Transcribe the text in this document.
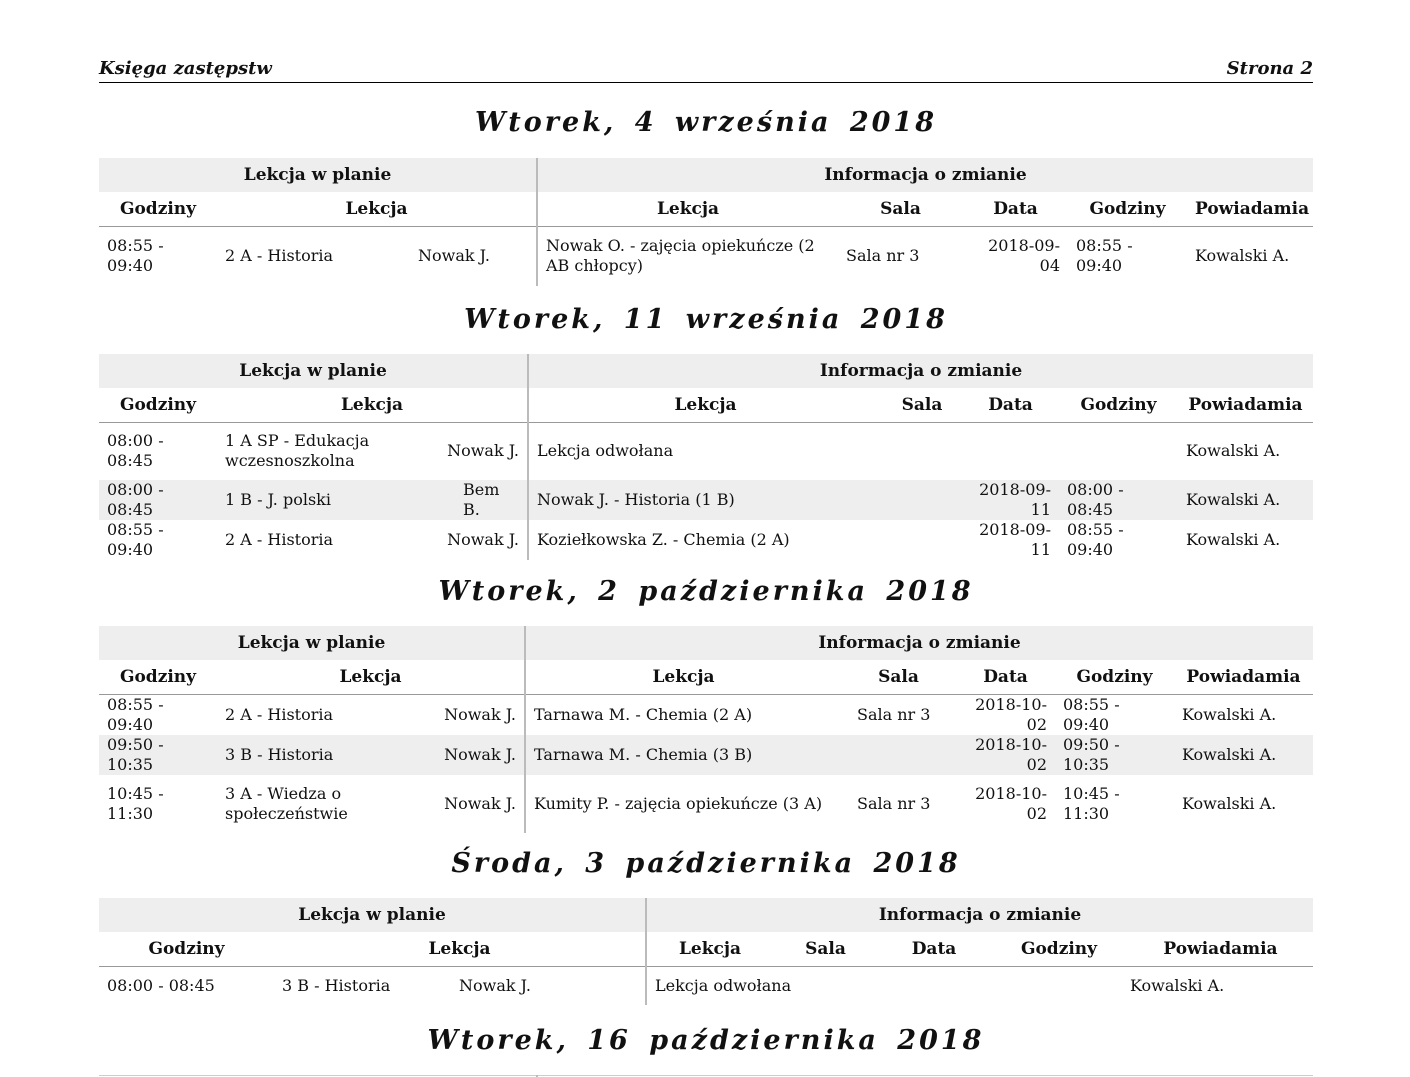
Księga zastępstw	Strona 2
Wtorek, 4 września 2018
Lekcja w planie			Informacja o zmianie				
Godziny	Lekcja		Lekcja	Sala	Data	Godziny	Powiadamia
08:55 - 09:40	2 A - Historia	Nowak J.	Nowak O. - zajęcia opiekuńcze (2 AB chłopcy)	Sala nr 3	2018-09-04	08:55 - 09:40	Kowalski A.
Wtorek, 11 września 2018
Lekcja w planie			Informacja o zmianie				
Godziny	Lekcja		Lekcja	Sala	Data	Godziny	Powiadamia
08:00 - 08:45	1 A SP - Edukacja wczesnoszkolna	Nowak J.	Lekcja odwołana				Kowalski A.
08:00 - 08:45	1 B - J. polski	Bem B.	Nowak J. - Historia (1 B)		2018-09-11	08:00 - 08:45	Kowalski A.
08:55 - 09:40	2 A - Historia	Nowak J.	Koziełkowska Z. - Chemia (2 A)		2018-09-11	08:55 - 09:40	Kowalski A.
Wtorek, 2 października 2018
Lekcja w planie			Informacja o zmianie				
Godziny	Lekcja		Lekcja	Sala	Data	Godziny	Powiadamia
08:55 - 09:40	2 A - Historia	Nowak J.	Tarnawa M. - Chemia (2 A)	Sala nr 3	2018-10-02	08:55 - 09:40	Kowalski A.
09:50 - 10:35	3 B - Historia	Nowak J.	Tarnawa M. - Chemia (3 B)		2018-10-02	09:50 - 10:35	Kowalski A.
10:45 - 11:30	3 A - Wiedza o społeczeństwie	Nowak J.	Kumity P. - zajęcia opiekuńcze (3 A)	Sala nr 3	2018-10-02	10:45 - 11:30	Kowalski A.
Środa, 3 października 2018
Lekcja w planie			Informacja o zmianie				
Godziny	Lekcja		Lekcja	Sala	Data	Godziny	Powiadamia
08:00 - 08:45	3 B - Historia	Nowak J.	Lekcja odwołana				Kowalski A.
Wtorek, 16 października 2018
